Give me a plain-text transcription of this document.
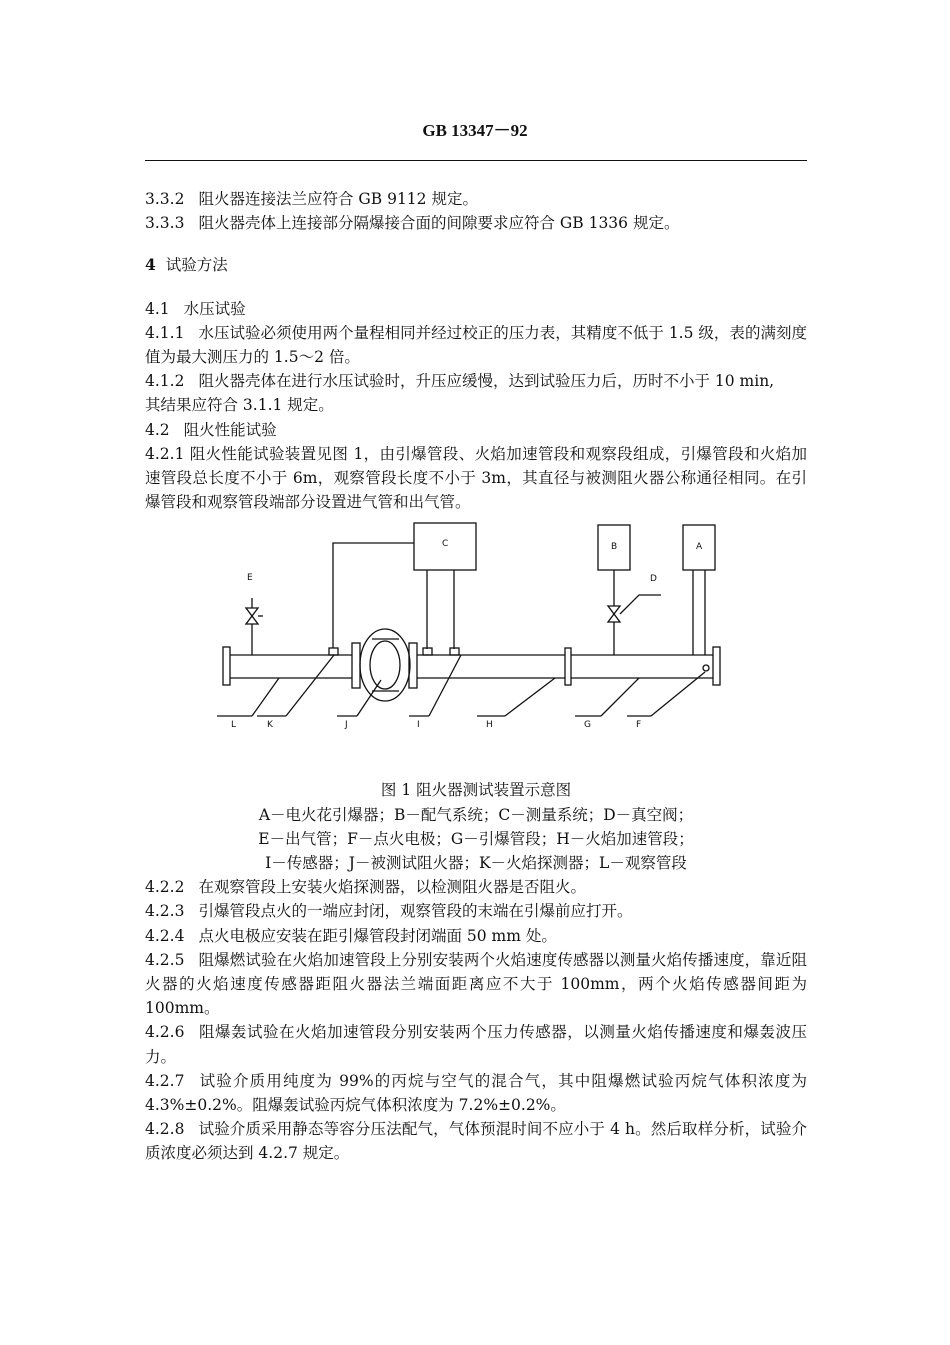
GB 13347－92

3.3.2 阻火器连接法兰应符合 GB 9112 规定。

3.3.3 阻火器壳体上连接部分隔爆接合面的间隙要求应符合 GB 1336 规定。

4 试验方法

4.1 水压试验

4.1.1 水压试验必须使用两个量程相同并经过校正的压力表，其精度不低于 1.5 级，表的满刻度值为最大测压力的 1.5～2 倍。

4.1.2 阻火器壳体在进行水压试验时，升压应缓慢，达到试验压力后，历时不小于 10 min,

其结果应符合 3.1.1 规定。

4.2 阻火性能试验

4.2.1 阻火性能试验装置见图 1，由引爆管段、火焰加速管段和观察段组成，引爆管段和火焰加速管段总长度不小于 6m，观察管段长度不小于 3m，其直径与被测阻火器公称通径相同。在引爆管段和观察管段端部分设置进气管和出气管。

C	B	A
D
E
L	K	J	I	H	G	F

图 1 阻火器测试装置示意图

A－电火花引爆器；B－配气系统；C－测量系统；D－真空阀；

E－出气管；F－点火电极；G－引爆管段；H－火焰加速管段；

I－传感器；J－被测试阻火器；K－火焰探测器；L－观察管段

4.2.2 在观察管段上安装火焰探测器，以检测阻火器是否阻火。

4.2.3 引爆管段点火的一端应封闭，观察管段的末端在引爆前应打开。

4.2.4 点火电极应安装在距引爆管段封闭端面 50 mm 处。

4.2.5 阻爆燃试验在火焰加速管段上分别安装两个火焰速度传感器以测量火焰传播速度，靠近阻火器的火焰速度传感器距阻火器法兰端面距离应不大于 100mm，两个火焰传感器间距为 100mm。

4.2.6 阻爆轰试验在火焰加速管段分别安装两个压力传感器，以测量火焰传播速度和爆轰波压力。

4.2.7 试验介质用纯度为 99%的丙烷与空气的混合气，其中阻爆燃试验丙烷气体积浓度为 4.3%±0.2%。阻爆轰试验丙烷气体积浓度为 7.2%±0.2%。

4.2.8 试验介质采用静态等容分压法配气，气体预混时间不应小于 4 h。然后取样分析，试验介质浓度必须达到 4.2.7 规定。
